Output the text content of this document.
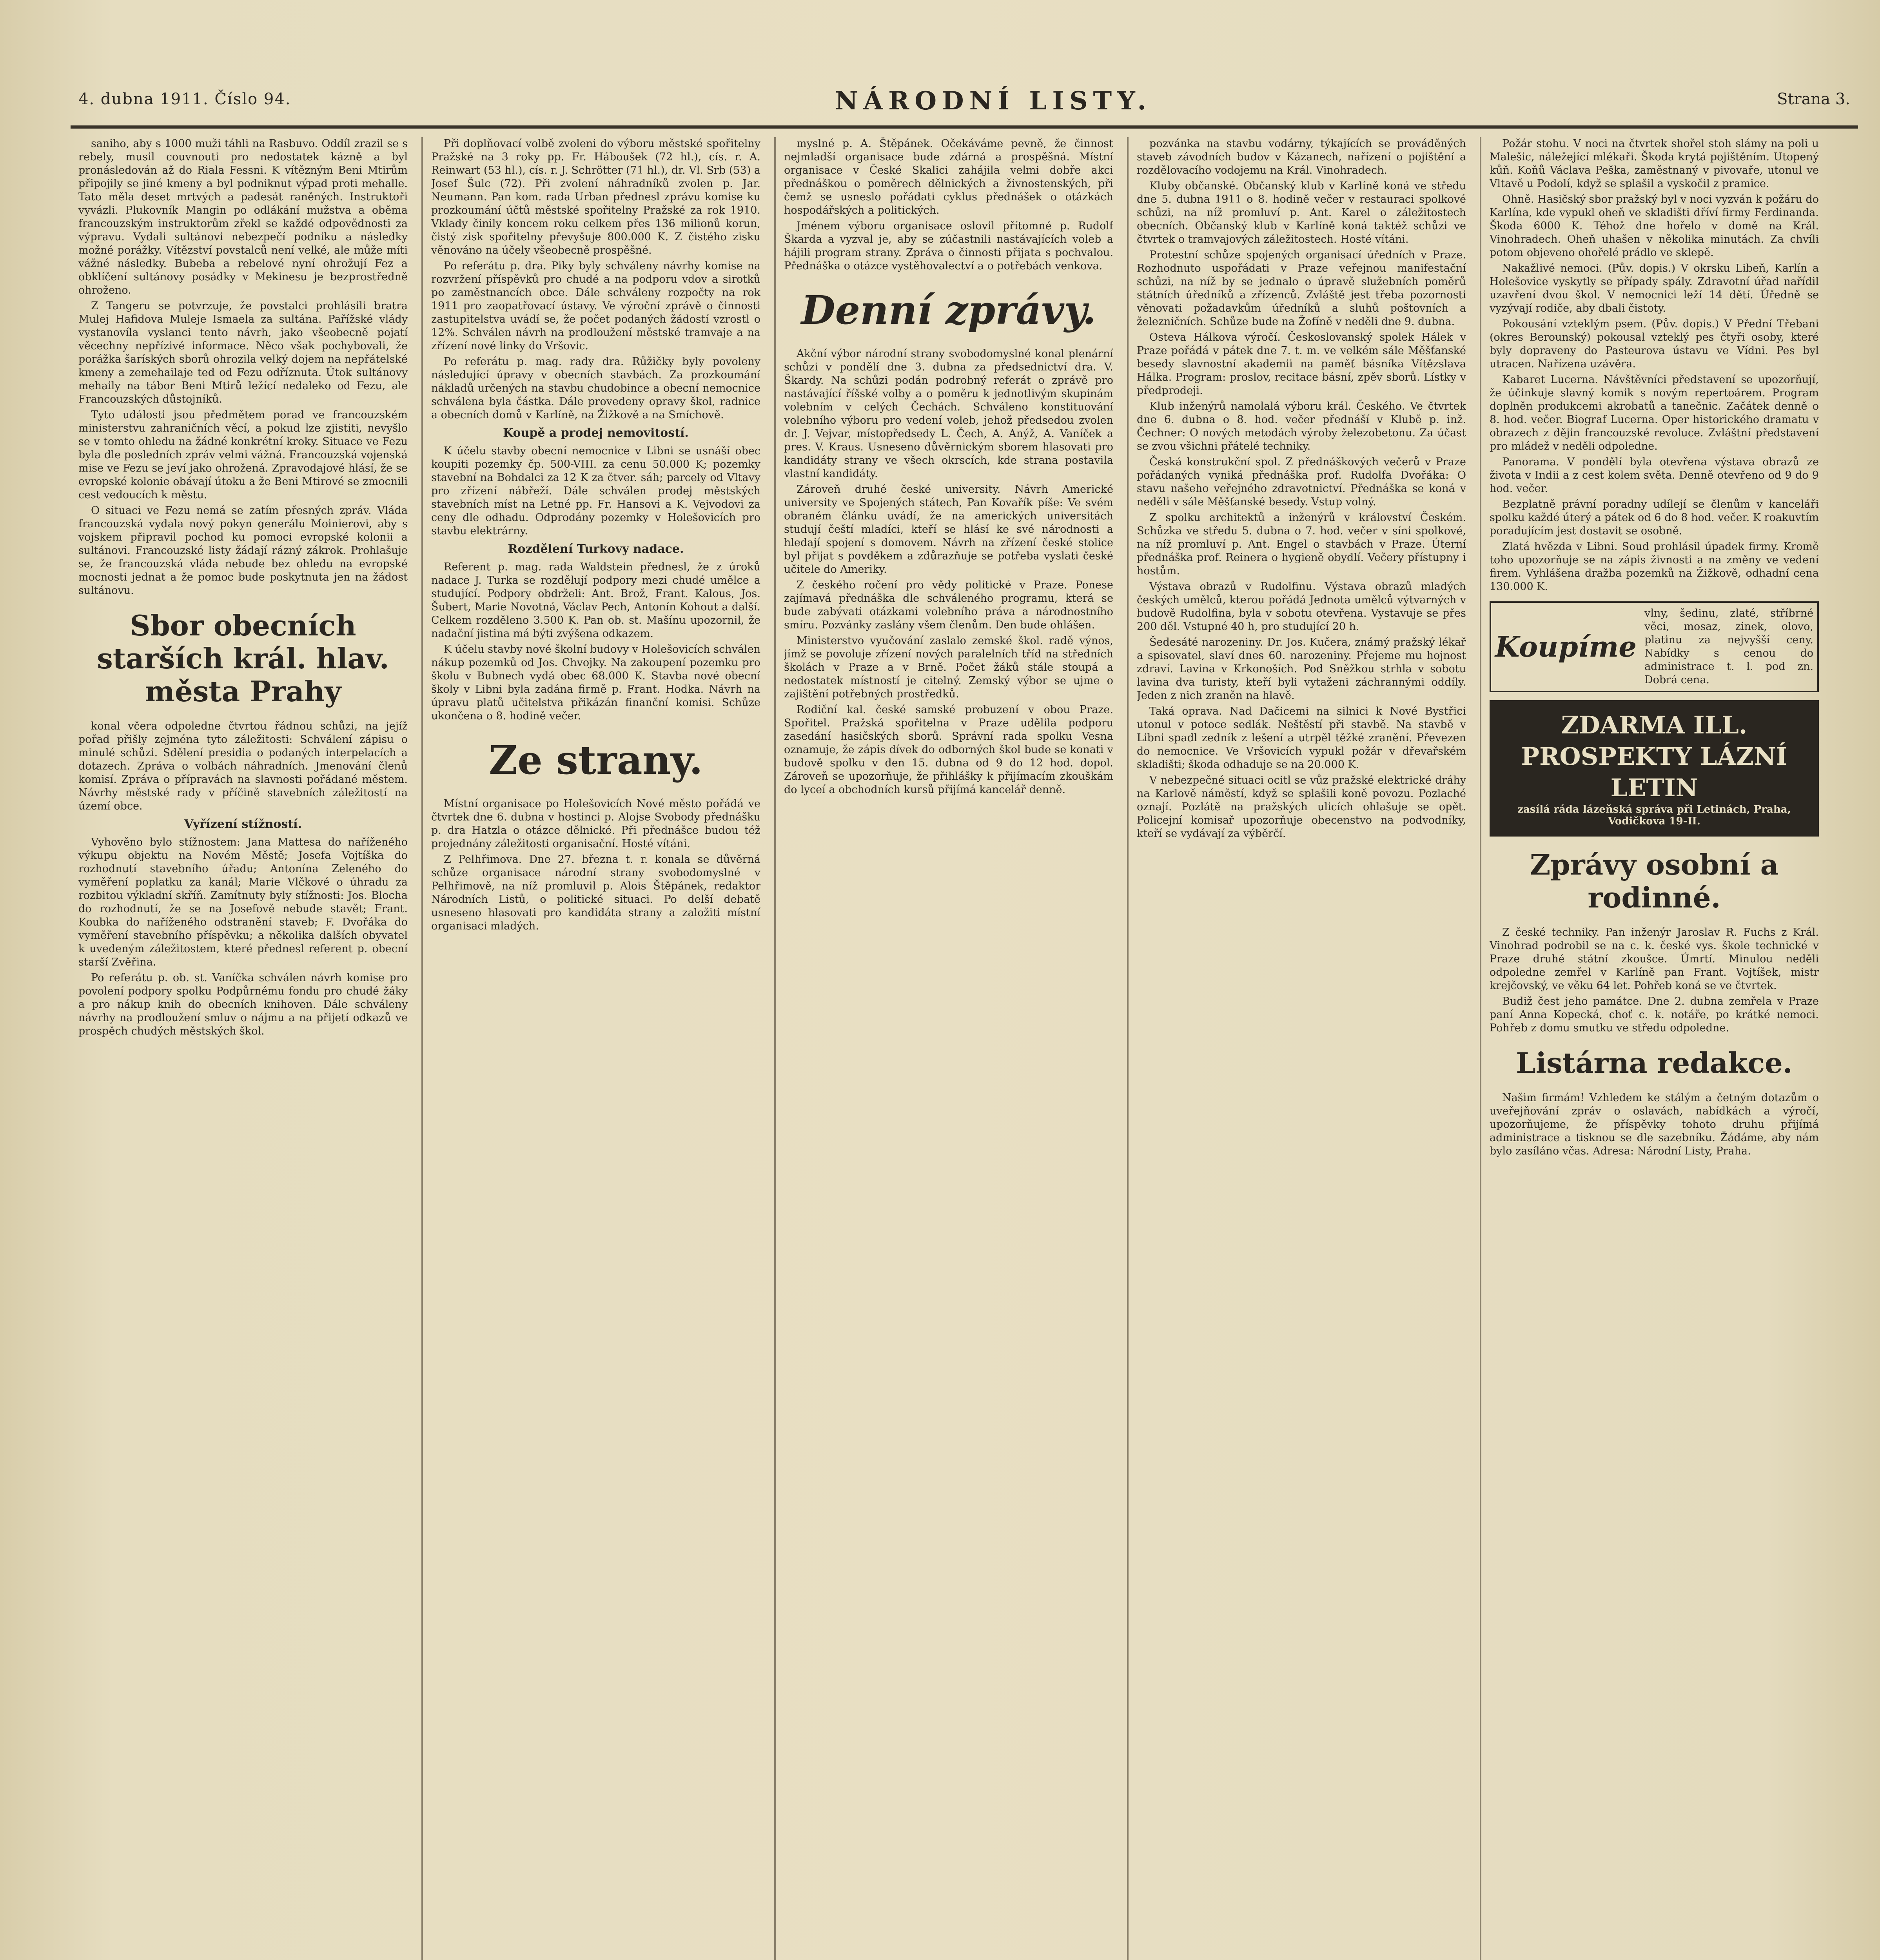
4. dubna 1911. Číslo 94.	NÁRODNÍ LISTY.	Strana 3.

saniho, aby s 1000 muži táhli na Rasbuvo. Oddíl zrazil se s rebely, musil couvnouti pro nedostatek kázně a byl pronásledován až do Riala Fessni. K vítězným Beni Mtirům připojily se jiné kmeny a byl podniknut výpad proti mehalle. Tato měla deset mrtvých a padesát raněných. Instruktoři vyvázli. Plukovník Mangin po odlákání mužstva a oběma francouzským instruktorům zřekl se každé odpovědnosti za výpravu. Vydali sultánovi nebezpečí podniku a následky možné porážky. Vítězství povstalců není velké, ale může míti vážné následky. Bubeba a rebelové nyní ohrožují Fez a obklíčení sultánovy posádky v Mekinesu je bezprostředně ohroženo.

Z Tangeru se potvrzuje, že povstalci prohlásili bratra Mulej Hafidova Muleje Ismaela za sultána. Pařížské vlády vystanovíla vyslanci tento návrh, jako všeobecně pojatí věcechny nepřízivé informace. Něco však pochybovali, že porážka šaríských sborů ohrozila velký dojem na nepřátelské kmeny a zemehailaje ted od Fezu odříznuta. Útok sultánovy mehaily na tábor Beni Mtirů ležící nedaleko od Fezu, ale Francouzských důstojníků.

Tyto události jsou předmětem porad ve francouzském ministerstvu zahraničních věcí, a pokud lze zjistiti, nevyšlo se v tomto ohledu na žádné konkrétní kroky. Situace ve Fezu byla dle posledních zpráv velmi vážná. Francouzská vojenská mise ve Fezu se jeví jako ohrožená. Zpravodajové hlásí, že se evropské kolonie obávají útoku a že Beni Mtirové se zmocnili cest vedoucích k městu.

O situaci ve Fezu nemá se zatím přesných zpráv. Vláda francouzská vydala nový pokyn generálu Moinierovi, aby s vojskem připravil pochod ku pomoci evropské kolonii a sultánovi. Francouzské listy žádají rázný zákrok. Prohlašuje se, že francouzská vláda nebude bez ohledu na evropské mocnosti jednat a že pomoc bude poskytnuta jen na žádost sultánovu.

Sbor obecních starších král. hlav. města Prahy

konal včera odpoledne čtvrtou řádnou schůzi, na jejíž pořad přišly zejména tyto záležitosti: Schválení zápisu o minulé schůzi. Sdělení presidia o podaných interpelacích a dotazech. Zpráva o volbách náhradních. Jmenování členů komisí. Zpráva o přípravách na slavnosti pořádané městem. Návrhy městské rady v příčině stavebních záležitostí na území obce.

Vyřízení stížností.

Vyhověno bylo stížnostem: Jana Mattesa do naříženého výkupu objektu na Novém Městě; Josefa Vojtíška do rozhodnutí stavebního úřadu; Antonína Zeleného do vyměření poplatku za kanál; Marie Vlčkové o úhradu za rozbitou výkladní skříň. Zamítnuty byly stížnosti: Jos. Blocha do rozhodnutí, že se na Josefově nebude stavět; Frant. Koubka do naříženého odstranění staveb; F. Dvořáka do vyměření stavebního příspěvku; a několika dalších obyvatel k uvedeným záležitostem, které přednesl referent p. obecní starší Zvěřina.

Po referátu p. ob. st. Vaníčka schválen návrh komise pro povolení podpory spolku Podpůrnému fondu pro chudé žáky a pro nákup knih do obecních knihoven. Dále schváleny návrhy na prodloužení smluv o nájmu a na přijetí odkazů ve prospěch chudých městských škol.

Při doplňovací volbě zvoleni do výboru městské spořitelny Pražské na 3 roky pp. Fr. Háboušek (72 hl.), cís. r. A. Reinwart (53 hl.), cís. r. J. Schrötter (71 hl.), dr. Vl. Srb (53) a Josef Šulc (72). Při zvolení náhradníků zvolen p. Jar. Neumann. Pan kom. rada Urban přednesl zprávu komise ku prozkoumání účtů městské spořitelny Pražské za rok 1910. Vklady činily koncem roku celkem přes 136 milionů korun, čistý zisk spořitelny převyšuje 800.000 K. Z čistého zisku věnováno na účely všeobecně prospěšné.

Po referátu p. dra. Piky byly schváleny návrhy komise na rozvržení příspěvků pro chudé a na podporu vdov a sirotků po zaměstnancích obce. Dále schváleny rozpočty na rok 1911 pro zaopatřovací ústavy. Ve výroční zprávě o činnosti zastupitelstva uvádí se, že počet podaných žádostí vzrostl o 12%. Schválen návrh na prodloužení městské tramvaje a na zřízení nové linky do Vršovic.

Po referátu p. mag. rady dra. Růžičky byly povoleny následující úpravy v obecních stavbách. Za prozkoumání nákladů určených na stavbu chudobince a obecní nemocnice schválena byla částka. Dále provedeny opravy škol, radnice a obecních domů v Karlíně, na Žižkově a na Smíchově.

Koupě a prodej nemovitostí.

K účelu stavby obecní nemocnice v Libni se usnáší obec koupiti pozemky čp. 500-VIII. za cenu 50.000 K; pozemky stavební na Bohdalci za 12 K za čtver. sáh; parcely od Vltavy pro zřízení nábřeží. Dále schválen prodej městských stavebních míst na Letné pp. Fr. Hansovi a K. Vejvodovi za ceny dle odhadu. Odprodány pozemky v Holešovicích pro stavbu elektrárny.

Rozdělení Turkovy nadace.

Referent p. mag. rada Waldstein přednesl, že z úroků nadace J. Turka se rozdělují podpory mezi chudé umělce a studující. Podpory obdrželi: Ant. Brož, Frant. Kalous, Jos. Šubert, Marie Novotná, Václav Pech, Antonín Kohout a další. Celkem rozděleno 3.500 K. Pan ob. st. Mašínu upozornil, že nadační jistina má býti zvýšena odkazem.

K účelu stavby nové školní budovy v Holešovicích schválen nákup pozemků od Jos. Chvojky. Na zakoupení pozemku pro školu v Bubnech vydá obec 68.000 K. Stavba nové obecní školy v Libni byla zadána firmě p. Frant. Hodka. Návrh na úpravu platů učitelstva přikázán finanční komisi. Schůze ukončena o 8. hodině večer.

Ze strany.

Místní organisace po Holešovicích Nové město pořádá ve čtvrtek dne 6. dubna v hostinci p. Alojse Svobody přednášku p. dra Hatzla o otázce dělnické. Při přednášce budou též projednány záležitosti organisační. Hosté vítáni.

Z Pelhřimova. Dne 27. března t. r. konala se důvěrná schůze organisace národní strany svobodomyslné v Pelhřimově, na níž promluvil p. Alois Štěpánek, redaktor Národních Listů, o politické situaci. Po delší debatě usneseno hlasovati pro kandidáta strany a založiti místní organisaci mladých.

myslné p. A. Štěpánek. Očekáváme pevně, že činnost nejmladší organisace bude zdárná a prospěšná. Místní organisace v České Skalici zahájila velmi dobře akci přednáškou o poměrech dělnických a živnostenských, při čemž se usneslo pořádati cyklus přednášek o otázkách hospodářských a politických.

Jménem výboru organisace oslovil přítomné p. Rudolf Škarda a vyzval je, aby se zúčastnili nastávajících voleb a hájili program strany. Zpráva o činnosti přijata s pochvalou. Přednáška o otázce vystěhovalectví a o potřebách venkova.

Denní zprávy.

Akční výbor národní strany svobodomyslné konal plenární schůzi v pondělí dne 3. dubna za předsednictví dra. V. Škardy. Na schůzi podán podrobný referát o zprávě pro nastávající říšské volby a o poměru k jednotlivým skupinám volebním v celých Čechách. Schváleno konstituování volebního výboru pro vedení voleb, jehož předsedou zvolen dr. J. Vejvar, místopředsedy L. Čech, A. Anýž, A. Vaníček a pres. V. Kraus. Usneseno důvěrnickým sborem hlasovati pro kandidáty strany ve všech okrscích, kde strana postavila vlastní kandidáty.

Zároveň druhé české university. Návrh Americké university ve Spojených státech, Pan Kovařík píše: Ve svém obraném článku uvádí, že na amerických universitách studují čeští mladíci, kteří se hlásí ke své národnosti a hledají spojení s domovem. Návrh na zřízení české stolice byl přijat s povděkem a zdůrazňuje se potřeba vyslati české učitele do Ameriky.

Z českého ročení pro vědy politické v Praze. Ponese zajímavá přednáška dle schváleného programu, která se bude zabývati otázkami volebního práva a národnostního smíru. Pozvánky zaslány všem členům. Den bude ohlášen.

Ministerstvo vyučování zaslalo zemské škol. radě výnos, jímž se povoluje zřízení nových paralelních tříd na středních školách v Praze a v Brně. Počet žáků stále stoupá a nedostatek místností je citelný. Zemský výbor se ujme o zajištění potřebných prostředků.

Rodiční kal. české samské probuzení v obou Praze. Spořitel. Pražská spořitelna v Praze udělila podporu zasedání hasičských sborů. Správní rada spolku Vesna oznamuje, že zápis dívek do odborných škol bude se konati v budově spolku v den 15. dubna od 9 do 12 hod. dopol. Zároveň se upozorňuje, že přihlášky k přijímacím zkouškám do lyceí a obchodních kursů přijímá kancelář denně.

pozvánka na stavbu vodárny, týkajících se prováděných staveb závodních budov v Kázanech, nařízení o pojištění a rozdělovacího vodojemu na Král. Vinohradech.

Kluby občanské. Občanský klub v Karlíně koná ve středu dne 5. dubna 1911 o 8. hodině večer v restauraci spolkové schůzi, na níž promluví p. Ant. Karel o záležitostech obecních. Občanský klub v Karlíně koná taktéž schůzi ve čtvrtek o tramvajových záležitostech. Hosté vítáni.

Protestní schůze spojených organisací úředních v Praze. Rozhodnuto uspořádati v Praze veřejnou manifestační schůzi, na níž by se jednalo o úpravě služebních poměrů státních úředníků a zřízenců. Zvláště jest třeba pozornosti věnovati požadavkům úředníků a sluhů poštovních a železničních. Schůze bude na Žofíně v neděli dne 9. dubna.

Osteva Hálkova výročí. Českoslovanský spolek Hálek v Praze pořádá v pátek dne 7. t. m. ve velkém sále Měšťanské besedy slavnostní akademii na paměť básníka Vítězslava Hálka. Program: proslov, recitace básní, zpěv sborů. Lístky v předprodeji.

Klub inženýrů namolalá výboru král. Českého. Ve čtvrtek dne 6. dubna o 8. hod. večer přednáší v Klubě p. inž. Čechner: O nových metodách výroby železobetonu. Za účast se zvou všichni přátelé techniky.

Česká konstrukční spol. Z přednáškových večerů v Praze pořádaných vyniká přednáška prof. Rudolfa Dvořáka: O stavu našeho veřejného zdravotnictví. Přednáška se koná v neděli v sále Měšťanské besedy. Vstup volný.

Z spolku architektů a inženýrů v království Českém. Schůzka ve středu 5. dubna o 7. hod. večer v síni spolkové, na níž promluví p. Ant. Engel o stavbách v Praze. Úterní přednáška prof. Reinera o hygieně obydlí. Večery přístupny i hostům.

Výstava obrazů v Rudolfinu. Výstava obrazů mladých českých umělců, kterou pořádá Jednota umělců výtvarných v budově Rudolfina, byla v sobotu otevřena. Vystavuje se přes 200 děl. Vstupné 40 h, pro studující 20 h.

Šedesáté narozeniny. Dr. Jos. Kučera, známý pražský lékař a spisovatel, slaví dnes 60. narozeniny. Přejeme mu hojnost zdraví. Lavina v Krkonoších. Pod Sněžkou strhla v sobotu lavina dva turisty, kteří byli vytaženi záchrannými oddíly. Jeden z nich zraněn na hlavě.

Taká oprava. Nad Dačicemi na silnici k Nové Bystřici utonul v potoce sedlák. Neštěstí při stavbě. Na stavbě v Libni spadl zedník z lešení a utrpěl těžké zranění. Převezen do nemocnice. Ve Vršovicích vypukl požár v dřevařském skladišti; škoda odhaduje se na 20.000 K.

V nebezpečné situaci ocitl se vůz pražské elektrické dráhy na Karlově náměstí, když se splašili koně povozu. Pozlaché oznají. Pozlátě na pražských ulicích ohlašuje se opět. Policejní komisař upozorňuje obecenstvo na podvodníky, kteří se vydávají za výběrčí.

Požár stohu. V noci na čtvrtek shořel stoh slámy na poli u Malešic, náležející mlékaři. Škoda krytá pojištěním. Utopený kůň. Koňů Václava Peška, zaměstnaný v pivovaře, utonul ve Vltavě u Podolí, když se splašil a vyskočil z pramice.

Ohně. Hasičský sbor pražský byl v noci vyzván k požáru do Karlína, kde vypukl oheň ve skladišti dříví firmy Ferdinanda. Škoda 6000 K. Téhož dne hořelo v domě na Král. Vinohradech. Oheň uhašen v několika minutách. Za chvíli potom objeveno ohořelé prádlo ve sklepě.

Nakažlivé nemoci. (Pův. dopis.) V okrsku Libeň, Karlín a Holešovice vyskytly se případy spály. Zdravotní úřad nařídil uzavření dvou škol. V nemocnici leží 14 dětí. Úředně se vyzývají rodiče, aby dbali čistoty.

Pokousání vzteklým psem. (Pův. dopis.) V Přední Třebani (okres Berounský) pokousal vzteklý pes čtyři osoby, které byly dopraveny do Pasteurova ústavu ve Vídni. Pes byl utracen. Nařízena uzávěra.

Kabaret Lucerna. Návštěvníci představení se upozorňují, že účinkuje slavný komik s novým repertoárem. Program doplněn produkcemi akrobatů a tanečnic. Začátek denně o 8. hod. večer. Biograf Lucerna. Oper historického dramatu v obrazech z dějin francouzské revoluce. Zvláštní představení pro mládež v neděli odpoledne.

Panorama. V pondělí byla otevřena výstava obrazů ze života v Indii a z cest kolem světa. Denně otevřeno od 9 do 9 hod. večer.

Bezplatně právní poradny udílejí se členům v kanceláři spolku každé úterý a pátek od 6 do 8 hod. večer. K roakuvtím poradujícím jest dostavit se osobně.

Zlatá hvězda v Libni. Soud prohlásil úpadek firmy. Kromě toho upozorňuje se na zápis živnosti a na změny ve vedení firem. Vyhlášena dražba pozemků na Žižkově, odhadní cena 130.000 K.

Koupíme
vlny, šedinu, zlaté, stříbrné věci, mosaz, zinek, olovo, platinu za nejvyšší ceny. Nabídky s cenou do administrace t. l. pod zn. Dobrá cena.
ZDARMA ILL. PROSPEKTY LÁZNÍ LETIN
zasílá ráda lázeňská správa při Letinách, Praha, Vodičkova 19-II.

Zprávy osobní a rodinné.

Z české techniky. Pan inženýr Jaroslav R. Fuchs z Král. Vinohrad podrobil se na c. k. české vys. škole technické v Praze druhé státní zkoušce. Úmrtí. Minulou neděli odpoledne zemřel v Karlíně pan Frant. Vojtíšek, mistr krejčovský, ve věku 64 let. Pohřeb koná se ve čtvrtek.

Budiž čest jeho památce. Dne 2. dubna zemřela v Praze paní Anna Kopecká, choť c. k. notáře, po krátké nemoci. Pohřeb z domu smutku ve středu odpoledne.

Listárna redakce.

Našim firmám! Vzhledem ke stálým a četným dotazům o uveřejňování zpráv o oslavách, nabídkách a výročí, upozorňujeme, že příspěvky tohoto druhu přijímá administrace a tisknou se dle sazebníku. Žádáme, aby nám bylo zasíláno včas. Adresa: Národní Listy, Praha.
